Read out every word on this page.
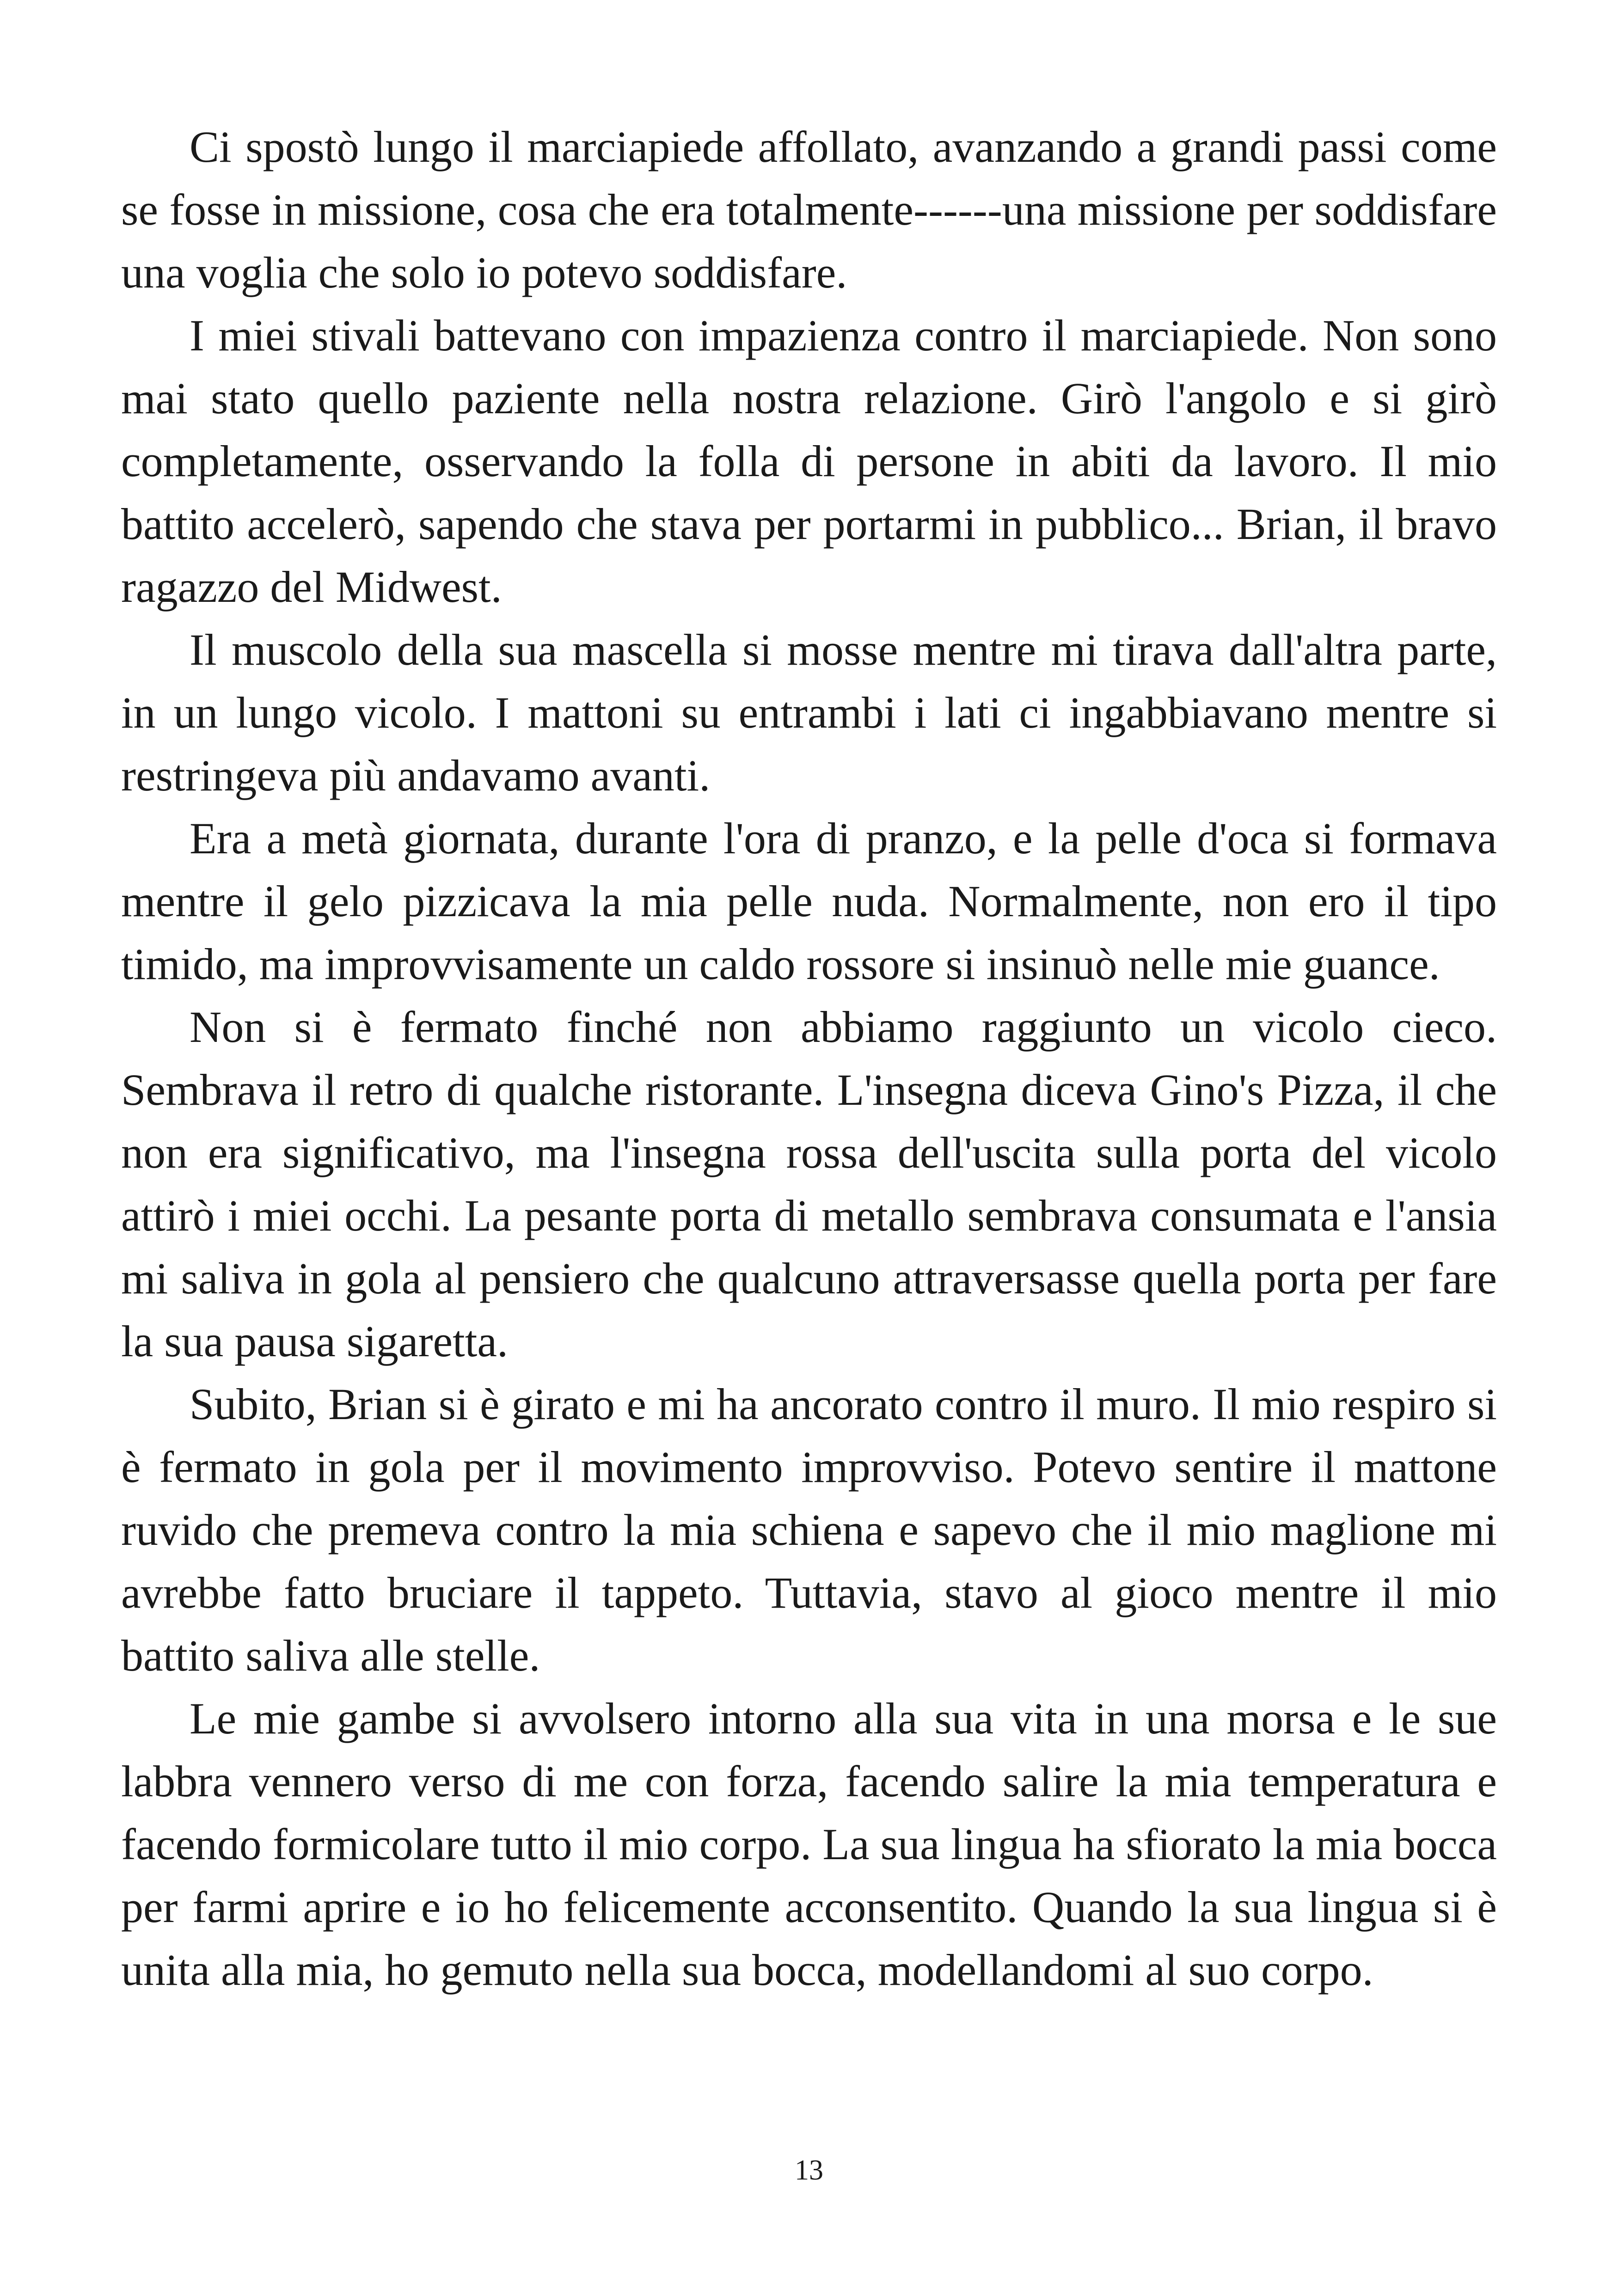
Ci spostò lungo il marciapiede affollato, avanzando a grandi passi come se fosse in missione, cosa che era totalmente------una missione per soddisfare una voglia che solo io potevo soddisfare.

I miei stivali battevano con impazienza contro il marciapiede. Non sono mai stato quello paziente nella nostra relazione. Girò l'angolo e si girò completamente, osservando la folla di persone in abiti da lavoro. Il mio battito accelerò, sapendo che stava per portarmi in pubblico... Brian, il bravo ragazzo del Midwest.

Il muscolo della sua mascella si mosse mentre mi tirava dall'altra parte, in un lungo vicolo. I mattoni su entrambi i lati ci ingabbiavano mentre si restringeva più andavamo avanti.

Era a metà giornata, durante l'ora di pranzo, e la pelle d'oca si formava mentre il gelo pizzicava la mia pelle nuda. Normalmente, non ero il tipo timido, ma improvvisamente un caldo rossore si insinuò nelle mie guance.

Non si è fermato finché non abbiamo raggiunto un vicolo cieco. Sembrava il retro di qualche ristorante. L'insegna diceva Gino's Pizza, il che non era significativo, ma l'insegna rossa dell'uscita sulla porta del vicolo attirò i miei occhi. La pesante porta di metallo sembrava consumata e l'ansia mi saliva in gola al pensiero che qualcuno attraversasse quella porta per fare la sua pausa sigaretta.

Subito, Brian si è girato e mi ha ancorato contro il muro. Il mio respiro si è fermato in gola per il movimento improvviso. Potevo sentire il mattone ruvido che premeva contro la mia schiena e sapevo che il mio maglione mi avrebbe fatto bruciare il tappeto. Tuttavia, stavo al gioco mentre il mio battito saliva alle stelle.

Le mie gambe si avvolsero intorno alla sua vita in una morsa e le sue labbra vennero verso di me con forza, facendo salire la mia temperatura e facendo formicolare tutto il mio corpo. La sua lingua ha sfiorato la mia bocca per farmi aprire e io ho felicemente acconsentito. Quando la sua lingua si è unita alla mia, ho gemuto nella sua bocca, modellandomi al suo corpo.

13
